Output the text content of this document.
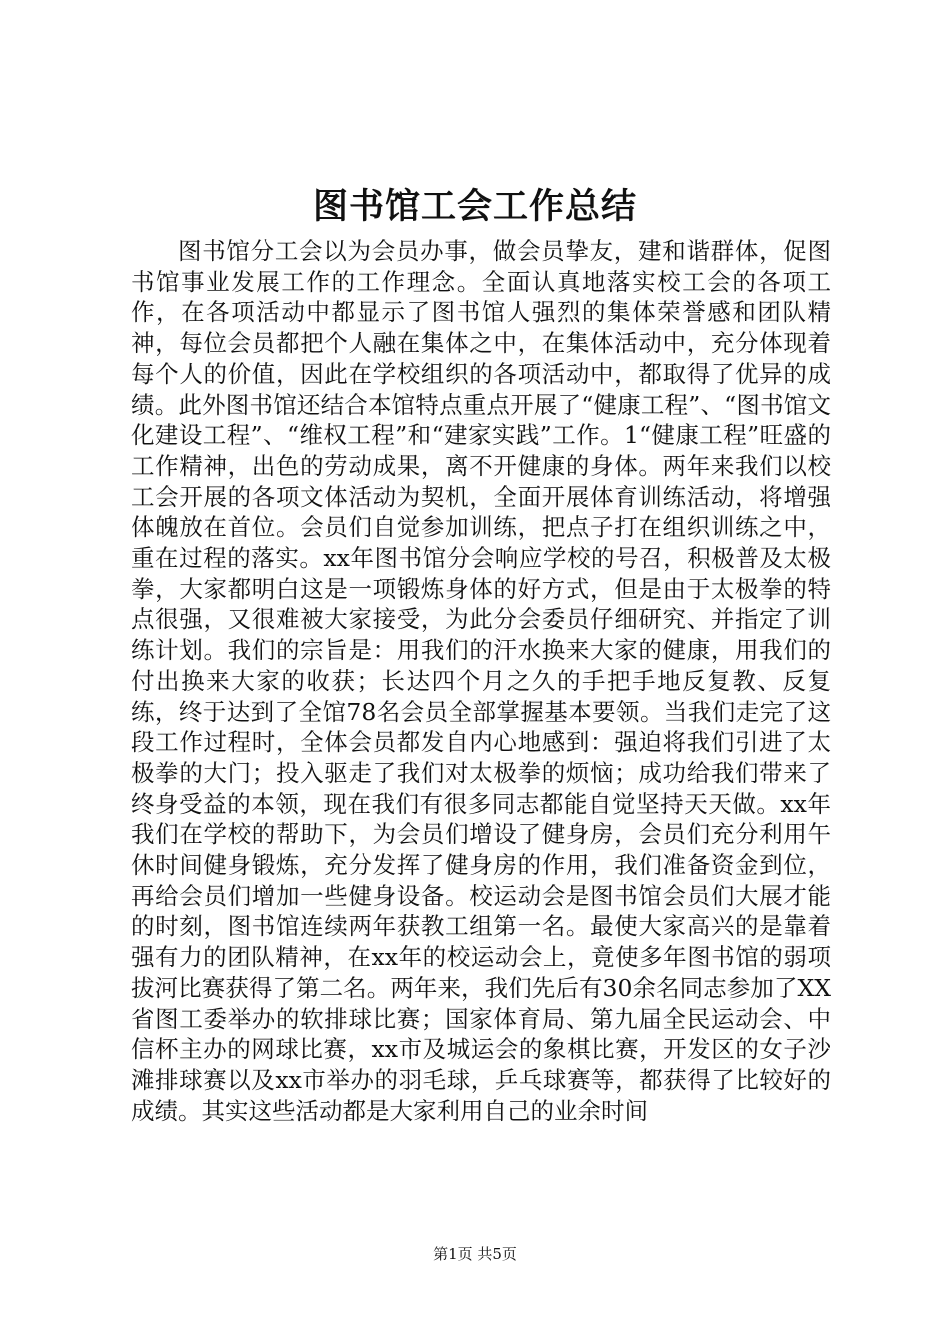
图书馆工会工作总结

图书馆分工会以为会员办事，做会员挚友，建和谐群体，促图书馆事业发展工作的工作理念。全面认真地落实校工会的各项工作，在各项活动中都显示了图书馆人强烈的集体荣誉感和团队精神，每位会员都把个人融在集体之中，在集体活动中，充分体现着每个人的价值，因此在学校组织的各项活动中，都取得了优异的成绩。此外图书馆还结合本馆特点重点开展了“健康工程”、“图书馆文化建设工程”、“维权工程”和“建家实践”工作。1“健康工程”旺盛的工作精神，出色的劳动成果，离不开健康的身体。两年来我们以校工会开展的各项文体活动为契机，全面开展体育训练活动，将增强体魄放在首位。会员们自觉参加训练，把点子打在组织训练之中，重在过程的落实。xx年图书馆分会响应学校的号召，积极普及太极拳，大家都明白这是一项锻炼身体的好方式，但是由于太极拳的特点很强，又很难被大家接受，为此分会委员仔细研究、并指定了训练计划。我们的宗旨是：用我们的汗水换来大家的健康，用我们的付出换来大家的收获；长达四个月之久的手把手地反复教、反复练，终于达到了全馆78名会员全部掌握基本要领。当我们走完了这段工作过程时，全体会员都发自内心地感到：强迫将我们引进了太极拳的大门；投入驱走了我们对太极拳的烦恼；成功给我们带来了终身受益的本领，现在我们有很多同志都能自觉坚持天天做。xx年我们在学校的帮助下，为会员们增设了健身房，会员们充分利用午休时间健身锻炼，充分发挥了健身房的作用，我们准备资金到位，再给会员们增加一些健身设备。校运动会是图书馆会员们大展才能的时刻，图书馆连续两年获教工组第一名。最使大家高兴的是靠着强有力的团队精神，在xx年的校运动会上，竟使多年图书馆的弱项拔河比赛获得了第二名。两年来，我们先后有30余名同志参加了XX省图工委举办的软排球比赛；国家体育局、第九届全民运动会、中信杯主办的网球比赛，xx市及城运会的象棋比赛，开发区的女子沙滩排球赛以及xx市举办的羽毛球，乒乓球赛等，都获得了比较好的成绩。其实这些活动都是大家利用自己的业余时间

第1页 共5页
